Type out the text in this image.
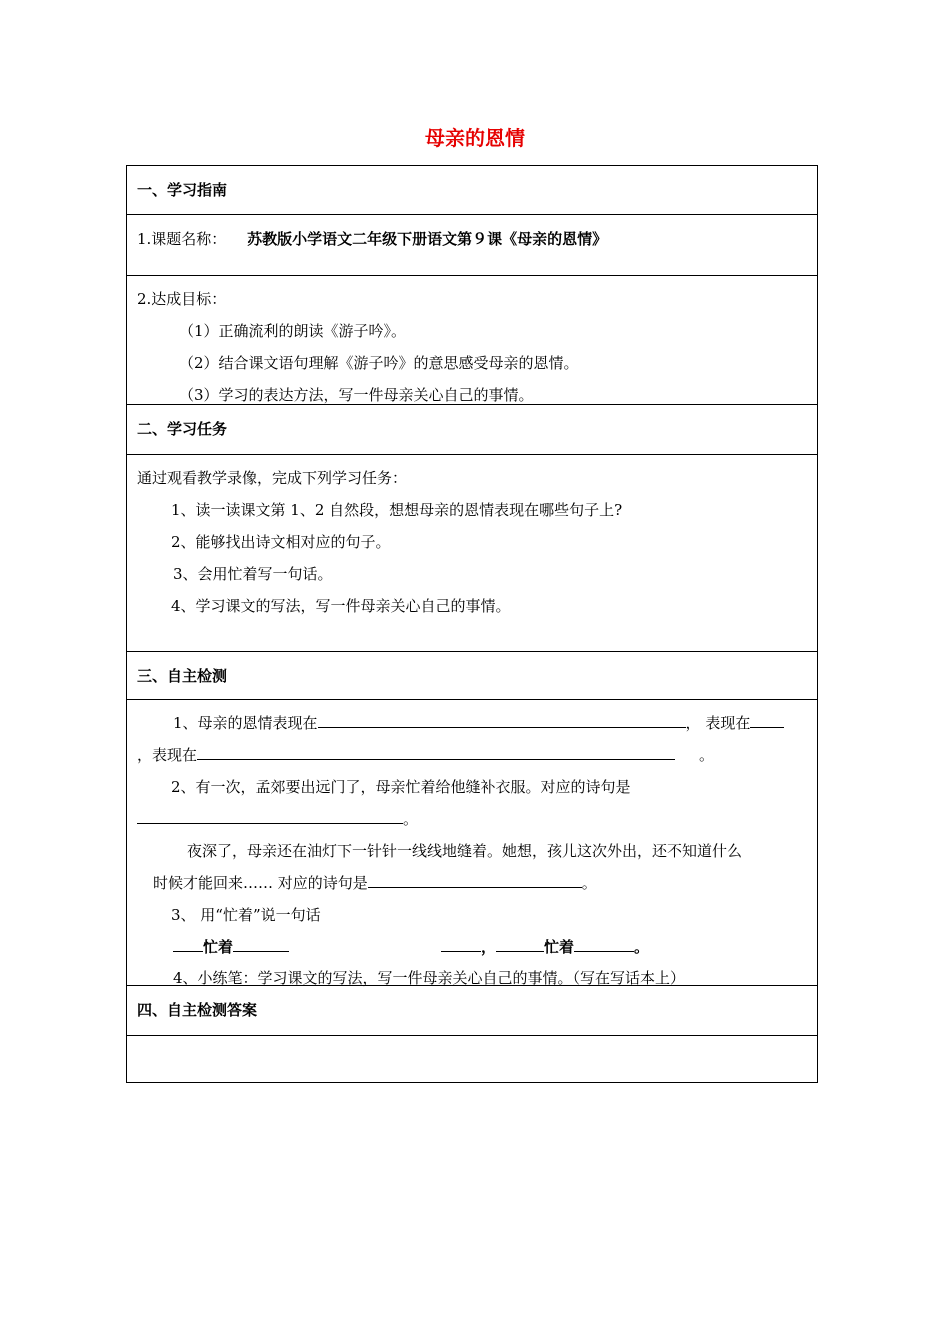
母亲的恩情
一、学习指南
1.课题名称： 苏教版小学语文二年级下册语文第９课《母亲的恩情》
2.达成目标：
（1）正确流利的朗读《游子吟》。
（2）结合课文语句理解《游子吟》的意思感受母亲的恩情。
（3）学习的表达方法，写一件母亲关心自己的事情。
二、学习任务
通过观看教学录像，完成下列学习任务：
1、读一读课文第 1、2 自然段，想想母亲的恩情表现在哪些句子上?
2、能够找出诗文相对应的句子。
3、会用忙着写一句话。
4、学习课文的写法，写一件母亲关心自己的事情。
三、自主检测
1、母亲的恩情表现在	， 表现在
，表现在	。
2、有一次，孟郊要出远门了，母亲忙着给他缝补衣服。对应的诗句是
。
夜深了，母亲还在油灯下一针针一线线地缝着。她想，孩儿这次外出，还不知道什么
时候才能回来…… 对应的诗句是	。
3、 用“忙着”说一句话
忙着	，	忙着	。
4、小练笔：学习课文的写法，写一件母亲关心自己的事情。（写在写话本上）
四、自主检测答案
